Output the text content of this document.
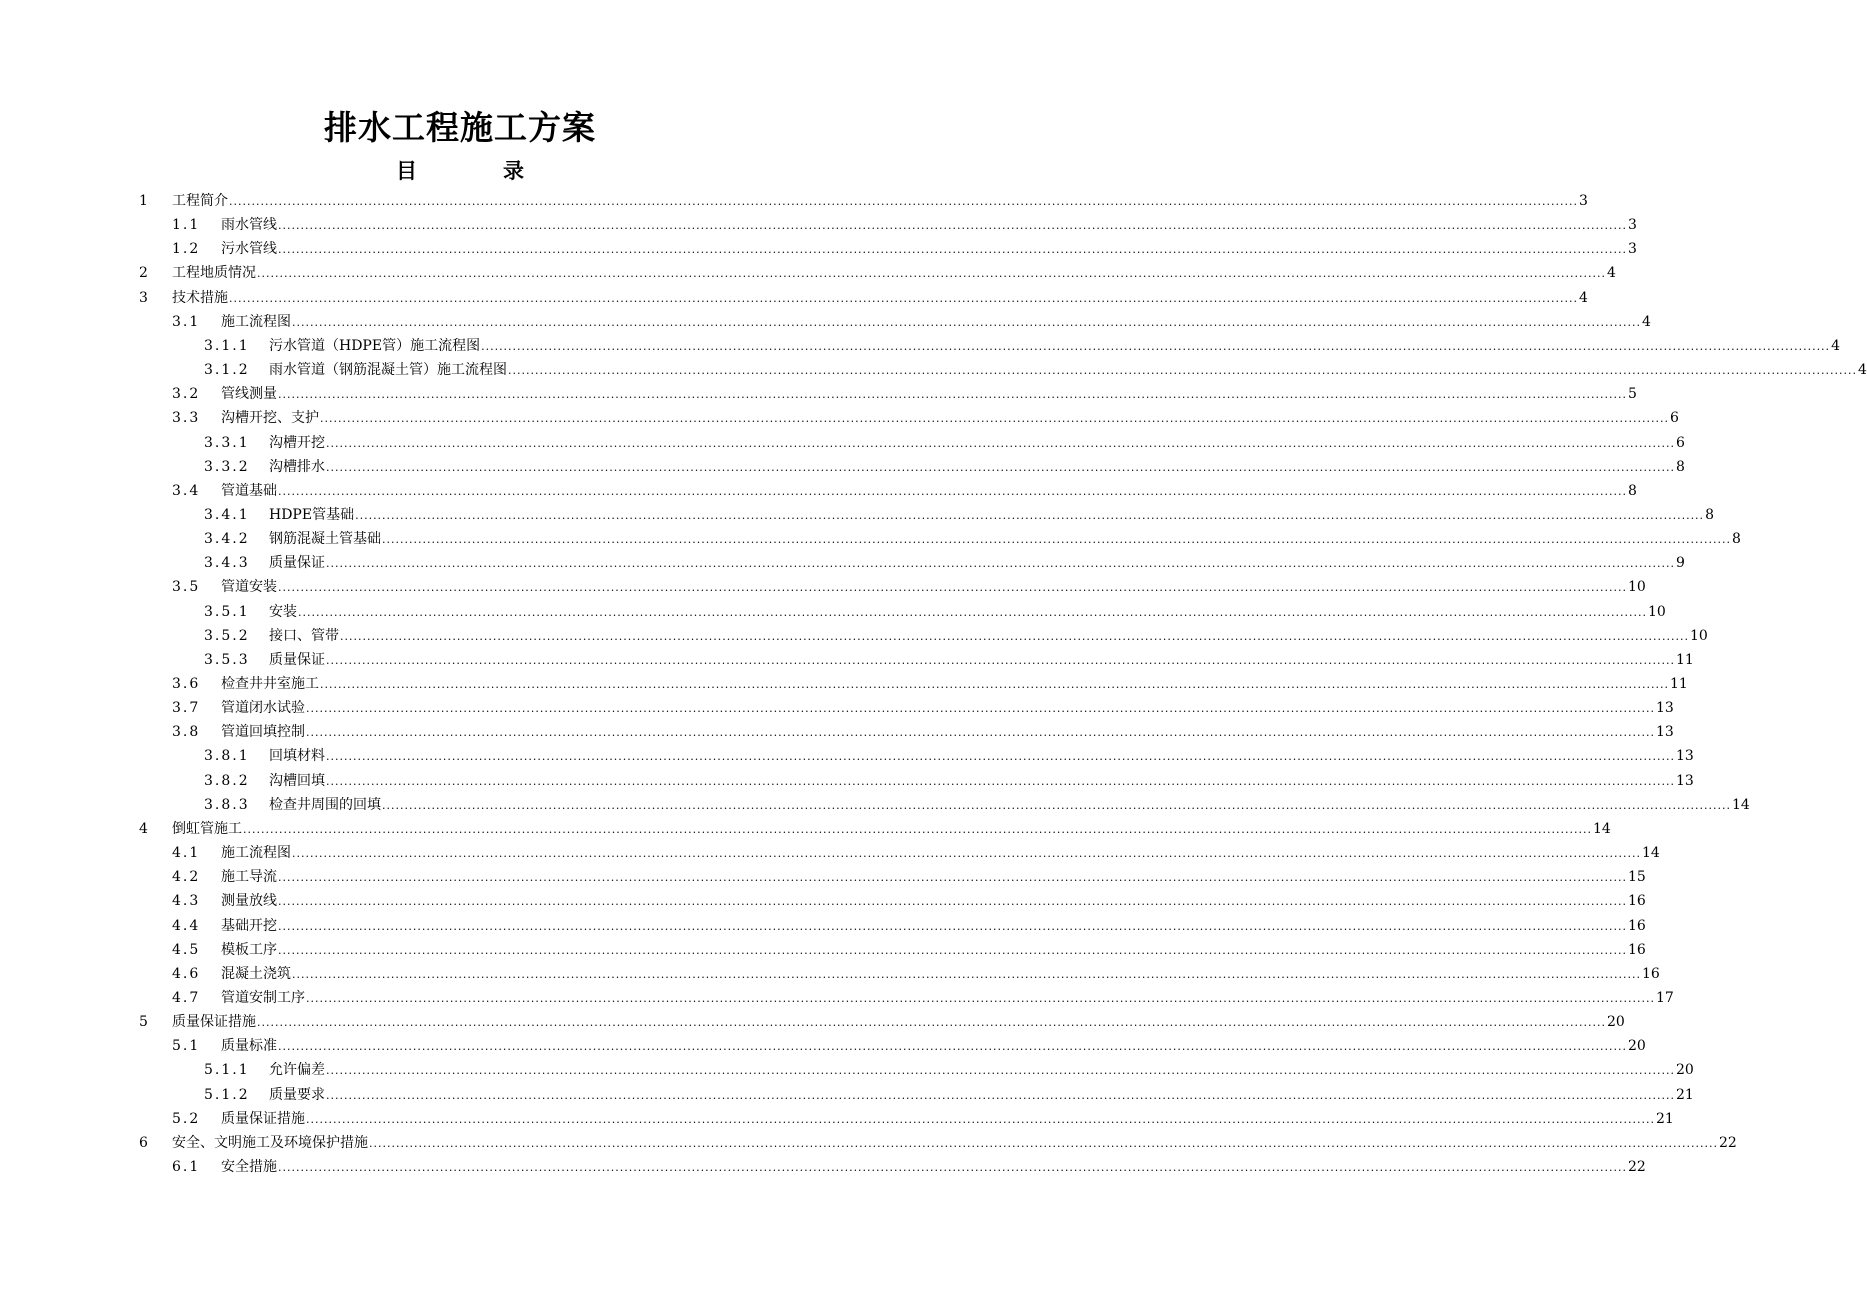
排水工程施工方案
目	录
1 工程简介 ............................................................................................................................................................................................................................................................................................................ 3
1.1 雨水管线 ............................................................................................................................................................................................................................................................................................................ 3
1.2 污水管线 ............................................................................................................................................................................................................................................................................................................ 3
2 工程地质情况 ............................................................................................................................................................................................................................................................................................................ 4
3 技术措施 ............................................................................................................................................................................................................................................................................................................ 4
3.1 施工流程图 ............................................................................................................................................................................................................................................................................................................ 4
3.1.1 污水管道（HDPE管）施工流程图 ............................................................................................................................................................................................................................................................................................................ 4
3.1.2 雨水管道（钢筋混凝土管）施工流程图 ............................................................................................................................................................................................................................................................................................................ 4
3.2 管线测量 ............................................................................................................................................................................................................................................................................................................ 5
3.3 沟槽开挖、支护 ............................................................................................................................................................................................................................................................................................................ 6
3.3.1 沟槽开挖 ............................................................................................................................................................................................................................................................................................................ 6
3.3.2 沟槽排水 ............................................................................................................................................................................................................................................................................................................ 8
3.4 管道基础 ............................................................................................................................................................................................................................................................................................................ 8
3.4.1 HDPE管基础 ............................................................................................................................................................................................................................................................................................................ 8
3.4.2 钢筋混凝土管基础 ............................................................................................................................................................................................................................................................................................................ 8
3.4.3 质量保证 ............................................................................................................................................................................................................................................................................................................ 9
3.5 管道安装 ............................................................................................................................................................................................................................................................................................................ 10
3.5.1 安装 ............................................................................................................................................................................................................................................................................................................ 10
3.5.2 接口、管带 ............................................................................................................................................................................................................................................................................................................ 10
3.5.3 质量保证 ............................................................................................................................................................................................................................................................................................................ 11
3.6 检查井井室施工 ............................................................................................................................................................................................................................................................................................................ 11
3.7 管道闭水试验 ............................................................................................................................................................................................................................................................................................................ 13
3.8 管道回填控制 ............................................................................................................................................................................................................................................................................................................ 13
3.8.1 回填材料 ............................................................................................................................................................................................................................................................................................................ 13
3.8.2 沟槽回填 ............................................................................................................................................................................................................................................................................................................ 13
3.8.3 检查井周围的回填 ............................................................................................................................................................................................................................................................................................................ 14
4 倒虹管施工 ............................................................................................................................................................................................................................................................................................................ 14
4.1 施工流程图 ............................................................................................................................................................................................................................................................................................................ 14
4.2 施工导流 ............................................................................................................................................................................................................................................................................................................ 15
4.3 测量放线 ............................................................................................................................................................................................................................................................................................................ 16
4.4 基础开挖 ............................................................................................................................................................................................................................................................................................................ 16
4.5 模板工序 ............................................................................................................................................................................................................................................................................................................ 16
4.6 混凝土浇筑 ............................................................................................................................................................................................................................................................................................................ 16
4.7 管道安制工序 ............................................................................................................................................................................................................................................................................................................ 17
5 质量保证措施 ............................................................................................................................................................................................................................................................................................................ 20
5.1 质量标准 ............................................................................................................................................................................................................................................................................................................ 20
5.1.1 允许偏差 ............................................................................................................................................................................................................................................................................................................ 20
5.1.2 质量要求 ............................................................................................................................................................................................................................................................................................................ 21
5.2 质量保证措施 ............................................................................................................................................................................................................................................................................................................ 21
6 安全、文明施工及环境保护措施 ............................................................................................................................................................................................................................................................................................................ 22
6.1 安全措施 ............................................................................................................................................................................................................................................................................................................ 22
